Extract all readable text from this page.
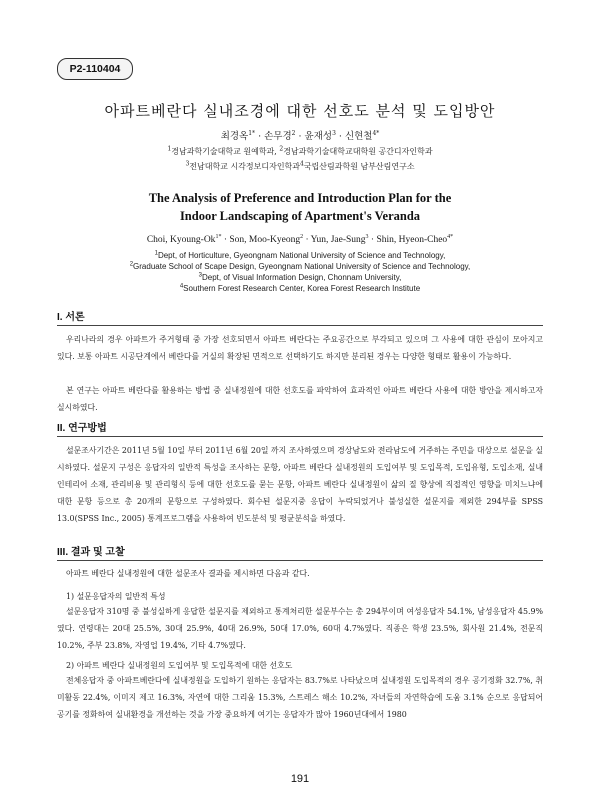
P2-110404
아파트베란다 실내조경에 대한 선호도 분석 및 도입방안
최경옥$^{1*}$ · 손무경$^2$ · 윤재성$^3$ · 신현철$^{4*}$
$^1$경남과학기술대학교 원예학과, $^2$경남과학기술대학교대학원 공간디자인학과
$^3$전남대학교 시각정보디자인학과$^4$국립산림과학원 남부산림연구소
The Analysis of Preference and Introduction Plan for the
Indoor Landscaping of Apartment's Veranda
Choi, Kyoung-$Ok^{1*}$ · Son, Moo-Kyeong$^2$ · Yun, Jae-Sung$^3$ · Shin, Hyeon-Cheo$^{4*}$
$^1$Dept, of Horticulture, Gyeongnam National University of Science and Technology,
$^2$Graduate School of Scape Design, Gyeongnam National University of Science and Technology,
$^3$Dept, of Visual Information Design, Chonnam University,
$^4$Southern Forest Research Center, Korea Forest Research Institute
I. 서론

우리나라의 경우 아파트가 주거형태 중 가장 선호되면서 아파트 베란다는 주요공간으로 부각되고 있으며 그 사용에 대한 관심이 모아지고 있다. 보통 아파트 시공단계에서 베란다를 거실의 확장된 면적으로 선택하기도 하지만 분리된 경우는 다양한 형태로 활용이 가능하다.

본 연구는 아파트 베란다를 활용하는 방법 중 실내정원에 대한 선호도를 파악하여 효과적인 아파트 베란다 사용에 대한 방안을 제시하고자 실시하였다.

II. 연구방법

설문조사기간은 2011년 5월 10일 부터 2011년 6월 20일 까지 조사하였으며 경상남도와 전라남도에 거주하는 주민을 대상으로 설문을 실시하였다. 설문지 구성은 응답자의 일반적 특성을 조사하는 문항, 아파트 베란다 실내정원의 도입여부 및 도입목적, 도입유형, 도입소재, 실내 인테리어 소재, 관리비용 및 관리형식 등에 대한 선호도를 묻는 문항, 아파트 베란다 실내정원이 삶의 질 향상에 직접적인 영향을 미치느냐에 대한 문항 등으로 총 20개의 문항으로 구성하였다. 회수된 설문지중 응답이 누락되었거나 불성실한 설문지를 제외한 294부를 SPSS 13.0(SPSS Inc., 2005) 통계프로그램을 사용하여 빈도분석 및 평균분석을 하였다.

III. 결과 및 고찰

아파트 베란다 실내정원에 대한 설문조사 결과를 제시하면 다음과 같다.

1) 설문응답자의 일반적 특성

설문응답자 310명 중 불성실하게 응답한 설문지를 제외하고 통계처리한 설문부수는 총 294부이며 여성응답자 54.1%, 남성응답자 45.9%였다. 연령대는 20대 25.5%, 30대 25.9%, 40대 26.9%, 50대 17.0%, 60대 4.7%였다. 직종은 학생 23.5%, 회사원 21.4%, 전문직 10.2%, 주부 23.8%, 자영업 19.4%, 기타 4.7%였다.

2) 아파트 베란다 실내정원의 도입여부 및 도입목적에 대한 선호도

전체응답자 중 아파트베란다에 실내정원을 도입하기 원하는 응답자는 83.7%로 나타났으며 실내정원 도입목적의 경우 공기정화 32.7%, 취미활동 22.4%, 이미지 제고 16.3%, 자연에 대한 그리움 15.3%, 스트레스 해소 10.2%, 자녀들의 자연학습에 도움 3.1% 순으로 응답되어 공기를 정화하여 실내환경을 개선하는 것을 가장 중요하게 여기는 응답자가 많아 1960년대에서 1980

191
